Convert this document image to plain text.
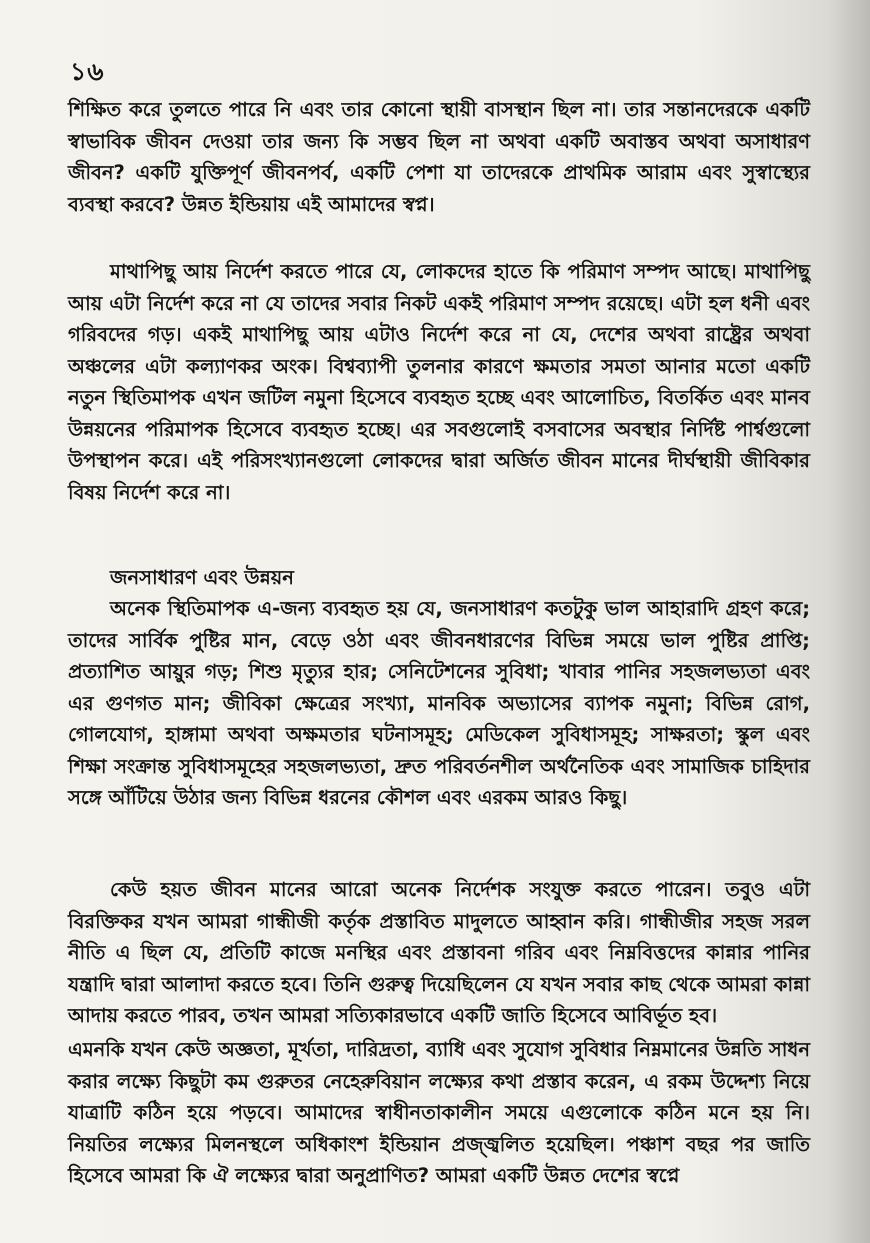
১৬

শিক্ষিত করে তুলতে পারে নি এবং তার কোনো স্থায়ী বাসস্থান ছিল না। তার সন্তানদেরকে একটি স্বাভাবিক জীবন দেওয়া তার জন্য কি সম্ভব ছিল না অথবা একটি অবাস্তব অথবা অসাধারণ জীবন? একটি যুক্তিপূর্ণ জীবনপর্ব, একটি পেশা যা তাদেরকে প্রাথমিক আরাম এবং সুস্বাস্থ্যের ব্যবস্থা করবে? উন্নত ইন্ডিয়ায় এই আমাদের স্বপ্ন।

মাথাপিছু আয় নির্দেশ করতে পারে যে, লোকদের হাতে কি পরিমাণ সম্পদ আছে। মাথাপিছু আয় এটা নির্দেশ করে না যে তাদের সবার নিকট একই পরিমাণ সম্পদ রয়েছে। এটা হল ধনী এবং গরিবদের গড়। একই মাথাপিছু আয় এটাও নির্দেশ করে না যে, দেশের অথবা রাষ্ট্রের অথবা অঞ্চলের এটা কল্যাণকর অংক। বিশ্বব্যাপী তুলনার কারণে ক্ষমতার সমতা আনার মতো একটি নতুন স্থিতিমাপক এখন জটিল নমুনা হিসেবে ব্যবহৃত হচ্ছে এবং আলোচিত, বিতর্কিত এবং মানব উন্নয়নের পরিমাপক হিসেবে ব্যবহৃত হচ্ছে। এর সবগুলোই বসবাসের অবস্থার নির্দিষ্ট পার্শ্বগুলো উপস্থাপন করে। এই পরিসংখ্যানগুলো লোকদের দ্বারা অর্জিত জীবন মানের দীর্ঘস্থায়ী জীবিকার বিষয় নির্দেশ করে না।

জনসাধারণ এবং উন্নয়ন

অনেক স্থিতিমাপক এ-জন্য ব্যবহৃত হয় যে, জনসাধারণ কতটুকু ভাল আহারাদি গ্রহণ করে; তাদের সার্বিক পুষ্টির মান, বেড়ে ওঠা এবং জীবনধারণের বিভিন্ন সময়ে ভাল পুষ্টির প্রাপ্তি; প্রত্যাশিত আয়ুর গড়; শিশু মৃত্যুর হার; সেনিটেশনের সুবিধা; খাবার পানির সহজলভ্যতা এবং এর গুণগত মান; জীবিকা ক্ষেত্রের সংখ্যা, মানবিক অভ্যাসের ব্যাপক নমুনা; বিভিন্ন রোগ, গোলযোগ, হাঙ্গামা অথবা অক্ষমতার ঘটনাসমূহ; মেডিকেল সুবিধাসমূহ; সাক্ষরতা; স্কুল এবং শিক্ষা সংক্রান্ত সুবিধাসমূহের সহজলভ্যতা, দ্রুত পরিবর্তনশীল অর্থনৈতিক এবং সামাজিক চাহিদার সঙ্গে আঁটিয়ে উঠার জন্য বিভিন্ন ধরনের কৌশল এবং এরকম আরও কিছু।

কেউ হয়ত জীবন মানের আরো অনেক নির্দেশক সংযুক্ত করতে পারেন। তবুও এটা বিরক্তিকর যখন আমরা গান্ধীজী কর্তৃক প্রস্তাবিত মাদুলতে আহ্বান করি। গান্ধীজীর সহজ সরল নীতি এ ছিল যে, প্রতিটি কাজে মনস্থির এবং প্রস্তাবনা গরিব এবং নিম্নবিত্তদের কান্নার পানির যন্ত্রাদি দ্বারা আলাদা করতে হবে। তিনি গুরুত্ব দিয়েছিলেন যে যখন সবার কাছ থেকে আমরা কান্না আদায় করতে পারব, তখন আমরা সত্যিকারভাবে একটি জাতি হিসেবে আবির্ভূত হব।

এমনকি যখন কেউ অজ্ঞতা, মূর্খতা, দারিদ্রতা, ব্যাধি এবং সুযোগ সুবিধার নিম্নমানের উন্নতি সাধন করার লক্ষ্যে কিছুটা কম গুরুতর নেহেরুবিয়ান লক্ষ্যের কথা প্রস্তাব করেন, এ রকম উদ্দেশ্য নিয়ে যাত্রাটি কঠিন হয়ে পড়বে। আমাদের স্বাধীনতাকালীন সময়ে এগুলোকে কঠিন মনে হয় নি। নিয়তির লক্ষ্যের মিলনস্থলে অধিকাংশ ইন্ডিয়ান প্রজ্জ্বলিত হয়েছিল। পঞ্চাশ বছর পর জাতি হিসেবে আমরা কি ঐ লক্ষ্যের দ্বারা অনুপ্রাণিত? আমরা একটি উন্নত দেশের স্বপ্নে
